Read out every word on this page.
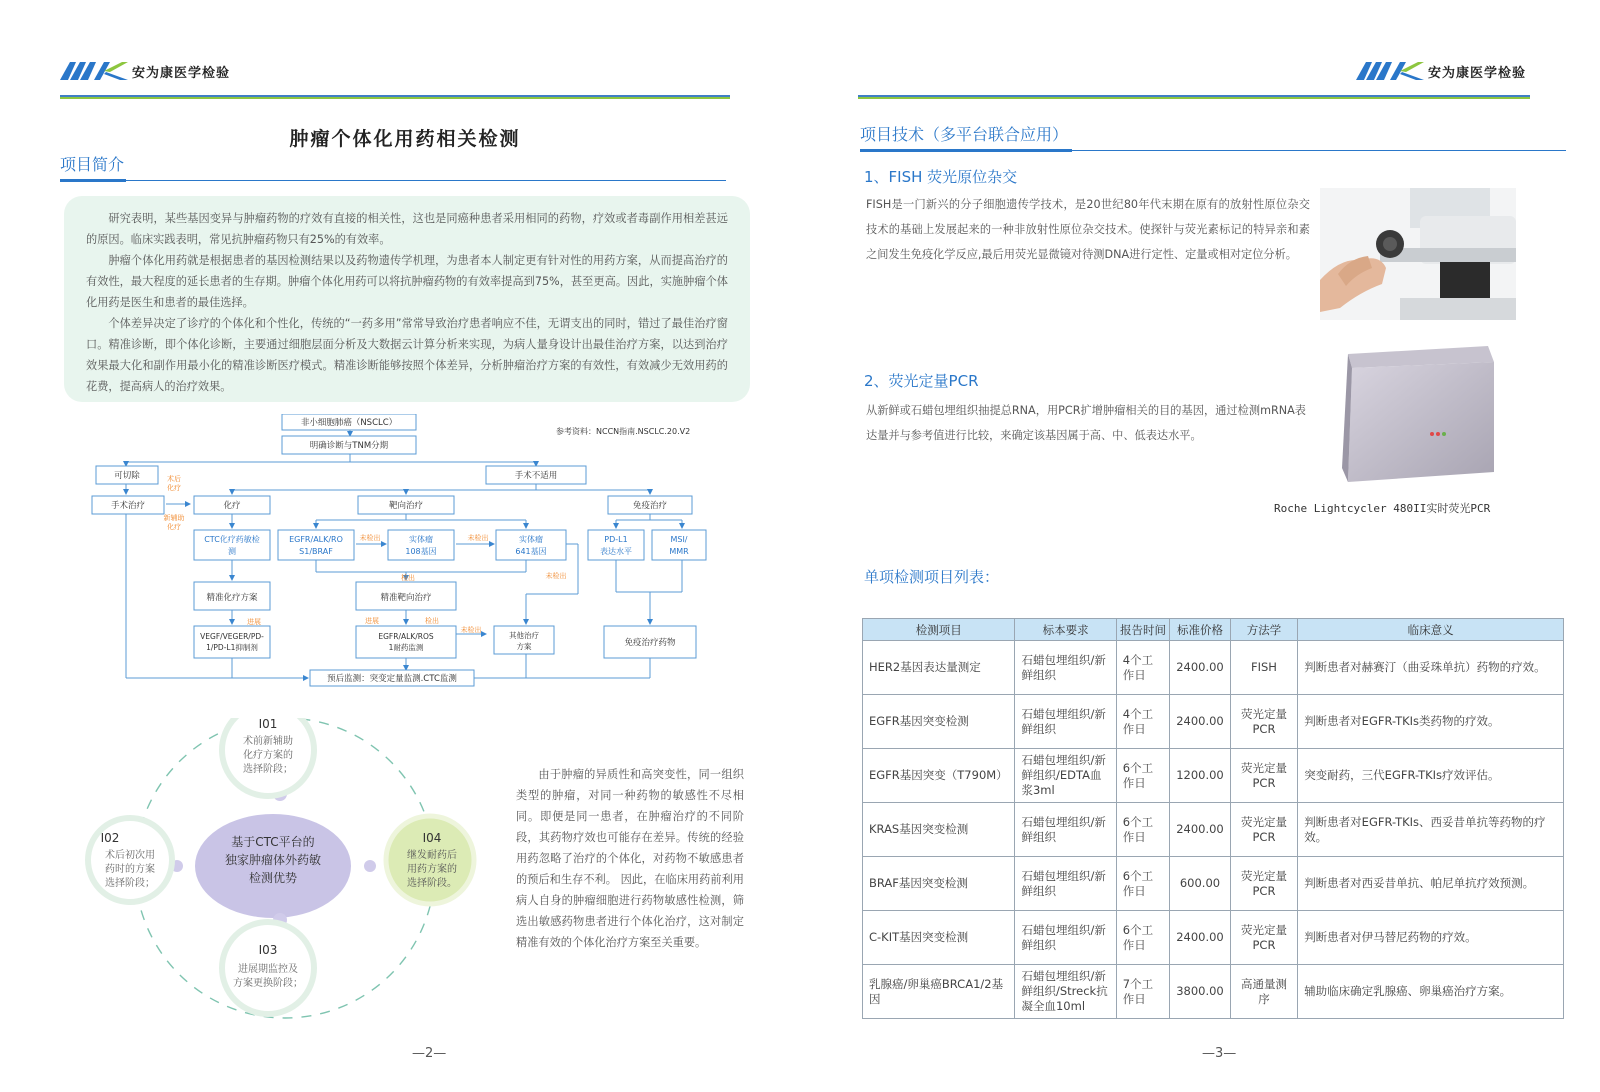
安为康医学检验
肿瘤个体化用药相关检测
项目简介

研究表明，某些基因变异与肿瘤药物的疗效有直接的相关性，这也是同癌种患者采用相同的药物，疗效或者毒副作用相差甚远的原因。临床实践表明，常见抗肿瘤药物只有25%的有效率。

肿瘤个体化用药就是根据患者的基因检测结果以及药物遗传学机理，为患者本人制定更有针对性的用药方案，从而提高治疗的有效性，最大程度的延长患者的生存期。肿瘤个体化用药可以将抗肿瘤药物的有效率提高到75%，甚至更高。因此，实施肿瘤个体化用药是医生和患者的最佳选择。

个体差异决定了诊疗的个体化和个性化，传统的“一药多用”常常导致治疗患者响应不佳，无谓支出的同时，错过了最佳治疗窗口。精准诊断，即个体化诊断，主要通过细胞层面分析及大数据云计算分析来实现，为病人量身设计出最佳治疗方案，以达到治疗效果最大化和副作用最小化的精准诊断医疗模式。精准诊断能够按照个体差异，分析肿瘤治疗方案的有效性，有效减少无效用药的花费，提高病人的治疗效果。

参考资料：NCCN指南.NSCLC.20.V2
非小细胞肺癌（NSCLC）
明确诊断与TNM分期
可切除	手术不适用
手术治疗	化疗	靶向治疗	免疫治疗
CTC化疗药敏检
测
EGFR/ALK/RO
S1/BRAF
实体瘤
108基因
实体瘤
641基因
PD-L1
表达水平
MSI/
MMR
精准化疗方案	精准靶向治疗
VEGF/VEGER/PD-
1/PD-L1抑制剂
EGFR/ALK/ROS
1耐药监测
其他治疗
方案	免疫治疗药物
预后监测：突变定量监测.CTC监测
术后
化疗
新辅助
化疗
未检出	未检出
未检出
检出
进展	进展	检出
未检出
基于CTC平台的
独家肿瘤体外药敏
检测优势
I01
术前新辅助
化疗方案的
选择阶段；
I02
术后初次用
药时的方案
选择阶段；
I03
进展期监控及
方案更换阶段；
I04
继发耐药后
用药方案的
选择阶段。
由于肿瘤的异质性和高突变性，同一组织类型的肿瘤，对同一种药物的敏感性不尽相同。即便是同一患者，在肿瘤治疗的不同阶段，其药物疗效也可能存在差异。传统的经验用药忽略了治疗的个体化，对药物不敏感患者的预后和生存不利。 因此，在临床用药前利用病人自身的肿瘤细胞进行药物敏感性检测，筛选出敏感药物患者进行个体化治疗，这对制定精准有效的个体化治疗方案至关重要。
—2—
安为康医学检验
项目技术（多平台联合应用）
1、FISH 荧光原位杂交
FISH是一门新兴的分子细胞遗传学技术，是20世纪80年代末期在原有的放射性原位杂交技术的基础上发展起来的一种非放射性原位杂交技术。使探针与荧光素标记的特异亲和素之间发生免疫化学反应,最后用荧光显微镜对待测DNA进行定性、定量或相对定位分析。
2、荧光定量PCR
从新鲜或石蜡包埋组织抽提总RNA，用PCR扩增肿瘤相关的目的基因，通过检测mRNA表达量并与参考值进行比较，来确定该基因属于高、中、低表达水平。
Roche Lightcycler 480II实时荧光PCR
单项检测项目列表：
检测项目	标本要求	报告时间	标准价格	方法学	临床意义
HER2基因表达量测定	石蜡包埋组织/新鲜组织	4个工作日	2400.00	FISH	判断患者对赫赛汀（曲妥珠单抗）药物的疗效。
EGFR基因突变检测	石蜡包埋组织/新鲜组织	4个工作日	2400.00	荧光定量PCR	判断患者对EGFR-TKIs类药物的疗效。
EGFR基因突变（T790M）	石蜡包埋组织/新鲜组织/EDTA血浆3ml	6个工作日	1200.00	荧光定量PCR	突变耐药，三代EGFR-TKIs疗效评估。
KRAS基因突变检测	石蜡包埋组织/新鲜组织	6个工作日	2400.00	荧光定量PCR	判断患者对EGFR-TKIs、西妥昔单抗等药物的疗效。
BRAF基因突变检测	石蜡包埋组织/新鲜组织	6个工作日	600.00	荧光定量PCR	判断患者对西妥昔单抗、帕尼单抗疗效预测。
C-KIT基因突变检测	石蜡包埋组织/新鲜组织	6个工作日	2400.00	荧光定量PCR	判断患者对伊马替尼药物的疗效。
乳腺癌/卵巢癌BRCA1/2基因	石蜡包埋组织/新鲜组织/Streck抗凝全血10ml	7个工作日	3800.00	高通量测序	辅助临床确定乳腺癌、卵巢癌治疗方案。
—3—
